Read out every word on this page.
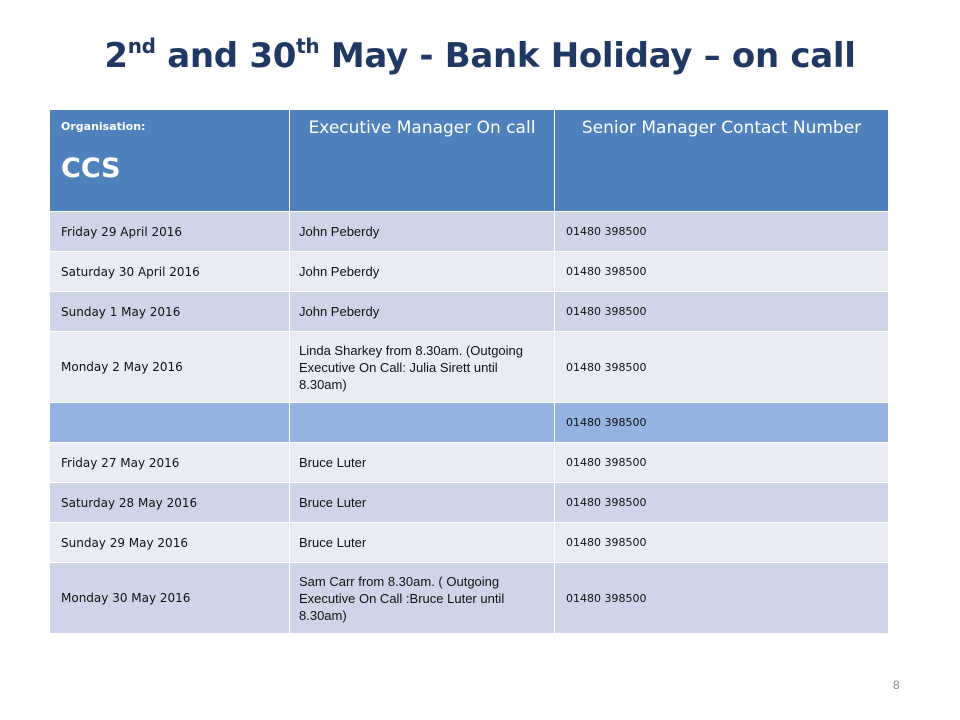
2nd and 30th May - Bank Holiday – on call
Organisation:
CCS	Executive Manager On call	Senior Manager Contact Number

Friday 29 April 2016	John Peberdy	01480 398500

Saturday 30 April 2016	John Peberdy	01480 398500

Sunday 1 May 2016	John Peberdy	01480 398500

Monday 2 May 2016	Linda Sharkey from 8.30am. (Outgoing Executive On Call: Julia Sirett until 8.30am)	01480 398500

		01480 398500

Friday 27 May 2016	Bruce Luter	01480 398500

Saturday 28 May 2016	Bruce Luter	01480 398500

Sunday 29 May 2016	Bruce Luter	01480 398500

Monday 30 May 2016	Sam Carr from 8.30am. ( Outgoing Executive On Call :Bruce Luter until 8.30am)	01480 398500
8
